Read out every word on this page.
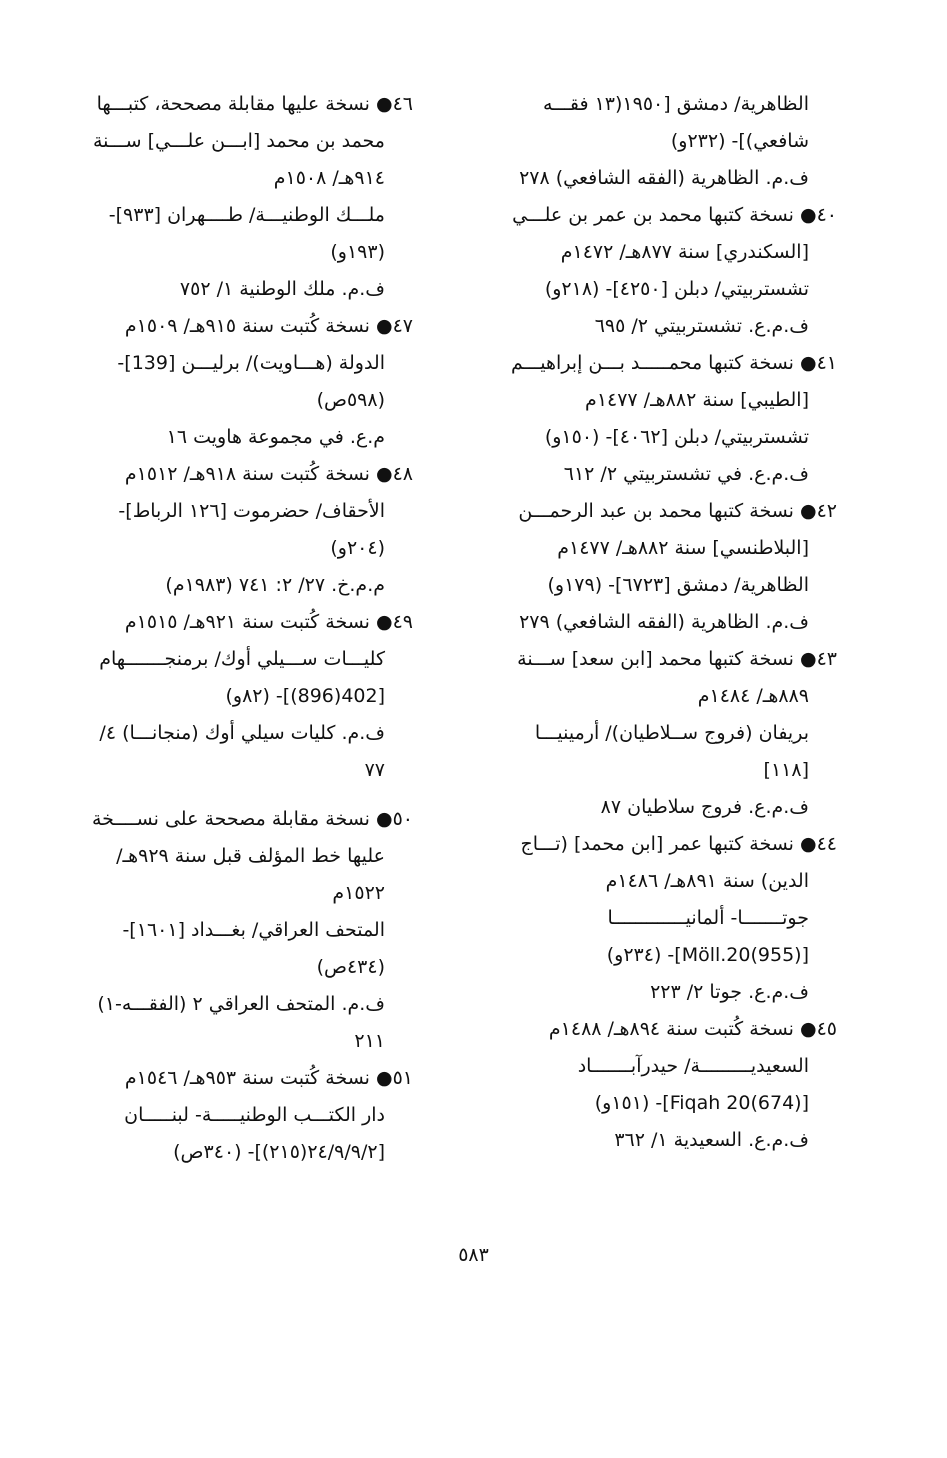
الظاهرية/ دمشق [١٩٥٠(١٣ فقـــه
شافعي)]- (٢٣٢و)
ف.م. الظاهرية (الفقه الشافعي) ٢٧٨
٤٠● نسخة كتبها محمد بن عمر بن علـــي
[السكندري] سنة ٨٧٧هـ/ ١٤٧٢م
تشستربيتي/ دبلن [٤٢٥٠]- (٢١٨و)
ف.م.ع. تشستربيتي ٢/ ٦٩٥
٤١● نسخة كتبها محمـــــد بـــن إبراهيـــم
[الطيبي] سنة ٨٨٢هـ/ ١٤٧٧م
تشستربيتي/ دبلن [٤٠٦٢]- (١٥٠و)
ف.م.ع. في تشستربيتي ٢/ ٦١٢
٤٢● نسخة كتبها محمد بن عبد الرحمـــن
[البلاطنسي] سنة ٨٨٢هـ/ ١٤٧٧م
الظاهرية/ دمشق [٦٧٢٣]- (١٧٩و)
ف.م. الظاهرية (الفقه الشافعي) ٢٧٩
٤٣● نسخة كتبها محمد [ابن سعد] ســـنة
٨٨٩هـ/ ١٤٨٤م
بريفان (فروج ســلاطيان)/ أرمينيـــا
[١١٨]
ف.م.ع. فروج سلاطيان ٨٧
٤٤● نسخة كتبها عمر [ابن محمد] (تـــاج
الدين) سنة ٨٩١هـ/ ١٤٨٦م
جوتـــــــا- ألمانيـــــــــــــا
[Möll.20(955)]- (٢٣٤و)
ف.م.ع. جوتا ٢/ ٢٢٣
٤٥● نسخة كُتبت سنة ٨٩٤هـ/ ١٤٨٨م
السعيديـــــــــة/ حيدرآبـــــــاد
[Fiqah 20(674)]- (١٥١و)
ف.م.ع. السعيدية ١/ ٣٦٢
٤٦● نسخة عليها مقابلة مصححة، كتبـــها
محمد بن محمد [ابـــن علـــي] ســـنة
٩١٤هـ/ ١٥٠٨م
ملـــك الوطنيـــة/ طــــهران [٩٣٣]-
(١٩٣و)
ف.م. ملك الوطنية ١/ ٧٥٢
٤٧● نسخة كُتبت سنة ٩١٥هـ/ ١٥٠٩م
الدولة (هـــاويت)/ برليـــن [139]-
(٥٩٨ص)
م.ع. في مجموعة هاويت ١٦
٤٨● نسخة كُتبت سنة ٩١٨هـ/ ١٥١٢م
الأحقاف/ حضرموت [١٢٦ الرباط]-
(٢٠٤و)
م.م.خ. ٢٧/ ٢: ٧٤١ (١٩٨٣م)
٤٩● نسخة كُتبت سنة ٩٢١هـ/ ١٥١٥م
كليـــات ســـيلي أوك/ برمنجـــــــهام
[402(896)]- (٨٢و)
ف.م. كليات سيلي أوك (منجانـــا) ٤/
٧٧
٥٠● نسخة مقابلة مصححة على نســــخة
عليها خط المؤلف قبل سنة ٩٢٩هـ/
١٥٢٢م
المتحف العراقي/ بغـــداد [١٦٠١]-
(٤٣٤ص)
ف.م. المتحف العراقي ٢ (الفقـــه-١)
٢١١
٥١● نسخة كُتبت سنة ٩٥٣هـ/ ١٥٤٦م
دار الكتـــب الوطنيـــــة- لبنـــــان
[٢٤/٩/٩/٢(٢١٥)]- (٣٤٠ص)
٥٨٣
